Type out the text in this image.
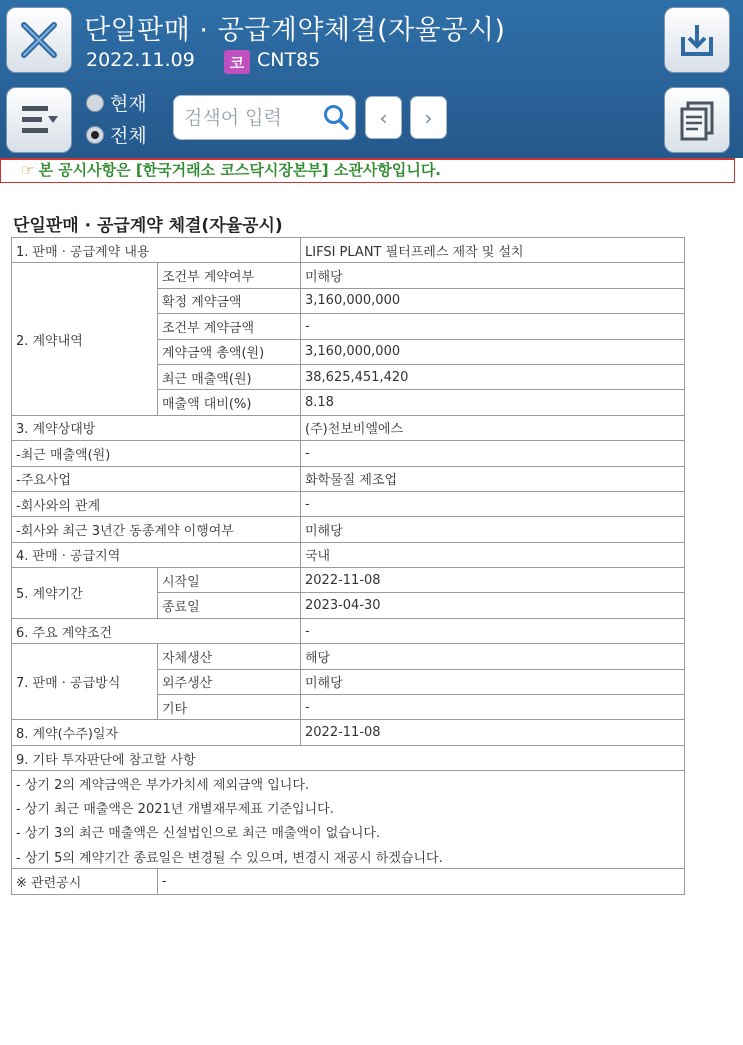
단일판매 · 공급계약체결(자율공시)
2022.11.09	코 CNT85
현재
전체
검색어 입력
‹	›
☞ 본 공시사항은 [한국거래소 코스닥시장본부] 소관사항입니다.
단일판매 · 공급계약 체결(자율공시)
1. 판매 · 공급계약 내용		LIFSI PLANT 필터프레스 제작 및 설치
2. 계약내역	조건부 계약여부	미해당
	확정 계약금액	3,160,000,000
	조건부 계약금액	-
	계약금액 총액(원)	3,160,000,000
	최근 매출액(원)	38,625,451,420
	매출액 대비(%)	8.18
3. 계약상대방		(주)천보비엘에스
-최근 매출액(원)		-
-주요사업		화학물질 제조업
-회사와의 관계		-
-회사와 최근 3년간 동종계약 이행여부		미해당
4. 판매 · 공급지역		국내
5. 계약기간	시작일	2022-11-08
	종료일	2023-04-30
6. 주요 계약조건		-
7. 판매 · 공급방식	자체생산	해당
	외주생산	미해당
	기타	-
8. 계약(수주)일자		2022-11-08
9. 기타 투자판단에 참고할 사항		
- 상기 2의 계약금액은 부가가치세 제외금액 입니다.		
- 상기 최근 매출액은 2021년 개별재무제표 기준입니다.		
- 상기 3의 최근 매출액은 신설법인으로 최근 매출액이 없습니다.		
- 상기 5의 계약기간 종료일은 변경될 수 있으며, 변경시 재공시 하겠습니다.		
※ 관련공시	-	
